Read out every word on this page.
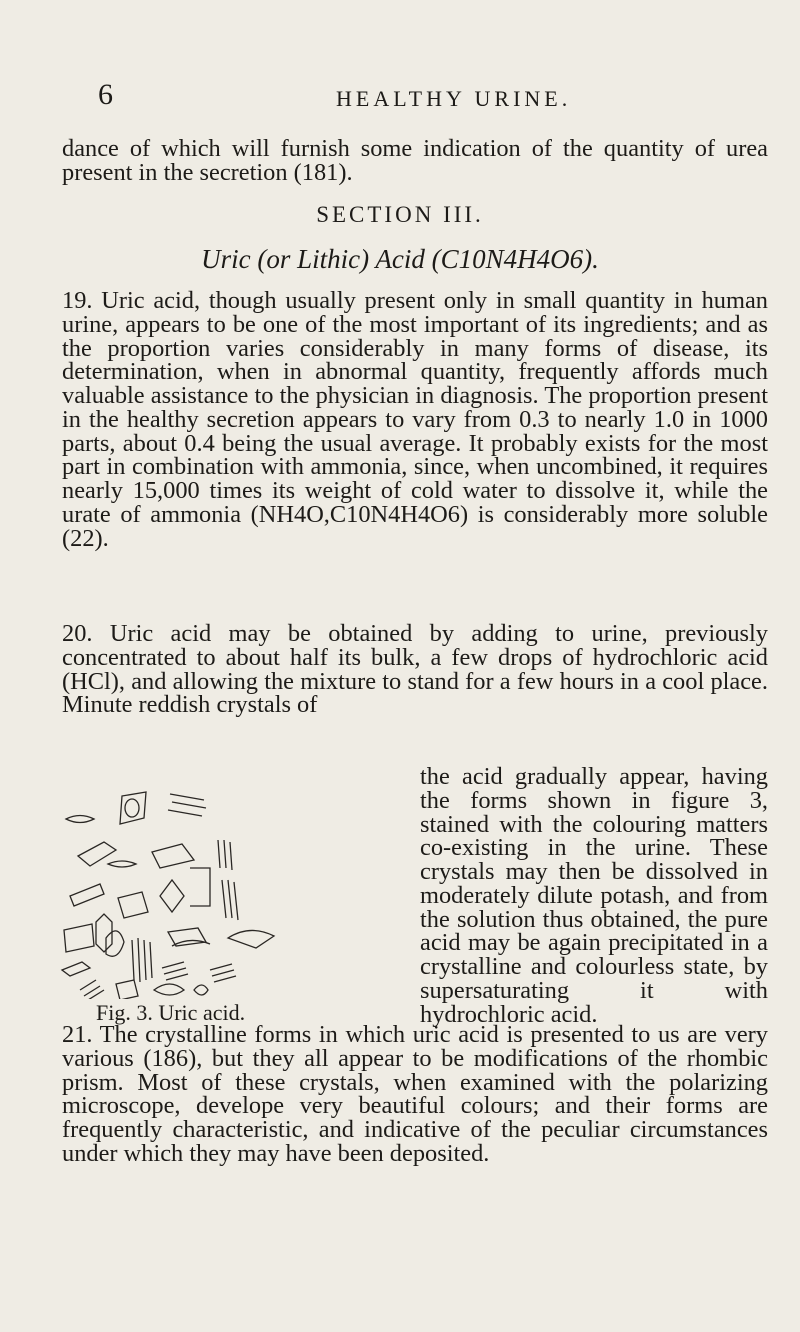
6	HEALTHY URINE.

dance of which will furnish some indication of the quantity of urea present in the secretion (181).

SECTION III.
Uric (or Lithic) Acid (C10N4H4O6).

19. Uric acid, though usually present only in small quantity in human urine, appears to be one of the most important of its ingredients; and as the proportion varies considerably in many forms of disease, its determination, when in abnormal quantity, frequently affords much valuable assistance to the physician in diagnosis. The proportion present in the healthy secretion appears to vary from 0.3 to nearly 1.0 in 1000 parts, about 0.4 being the usual average. It probably exists for the most part in combination with ammonia, since, when uncombined, it requires nearly 15,000 times its weight of cold water to dissolve it, while the urate of ammonia (NH4O,C10N4H4O6) is considerably more soluble (22).

20. Uric acid may be obtained by adding to urine, previously concentrated to about half its bulk, a few drops of hydrochloric acid (HCl), and allowing the mixture to stand for a few hours in a cool place. Minute reddish crystals of

Fig. 3. Uric acid.

the acid gradually appear, having the forms shown in figure 3, stained with the colouring matters co-existing in the urine. These crystals may then be dissolved in moderately dilute potash, and from the solution thus obtained, the pure acid may be again precipitated in a crystalline and colourless state, by supersaturating it with hydrochloric acid.

21. The crystalline forms in which uric acid is presented to us are very various (186), but they all appear to be modifications of the rhombic prism. Most of these crystals, when examined with the polarizing microscope, develope very beautiful colours; and their forms are frequently characteristic, and indicative of the peculiar circumstances under which they may have been deposited.
